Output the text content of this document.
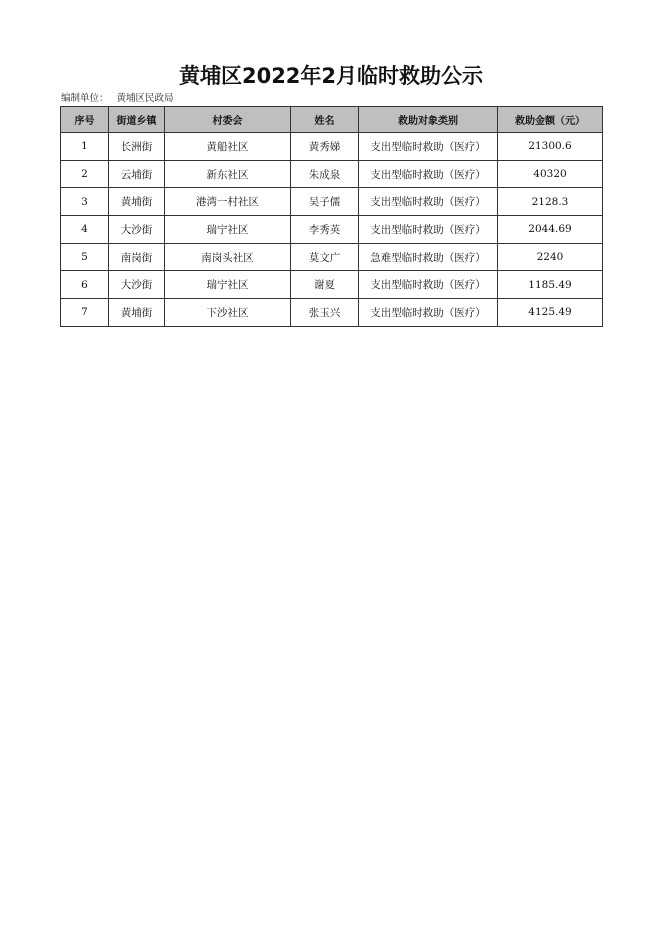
黄埔区2022年2月临时救助公示
编制单位： 黄埔区民政局
序号	街道乡镇	村委会	姓名	救助对象类别	救助金额（元）
1	长洲街	黄船社区	黄秀娣	支出型临时救助（医疗）	21300.6
2	云埔街	新东社区	朱成泉	支出型临时救助（医疗）	40320
3	黄埔街	港湾一村社区	吴子儒	支出型临时救助（医疗）	2128.3
4	大沙街	瑞宁社区	李秀英	支出型临时救助（医疗）	2044.69
5	南岗街	南岗头社区	莫文广	急难型临时救助（医疗）	2240
6	大沙街	瑞宁社区	谢夏	支出型临时救助（医疗）	1185.49
7	黄埔街	下沙社区	张玉兴	支出型临时救助（医疗）	4125.49
